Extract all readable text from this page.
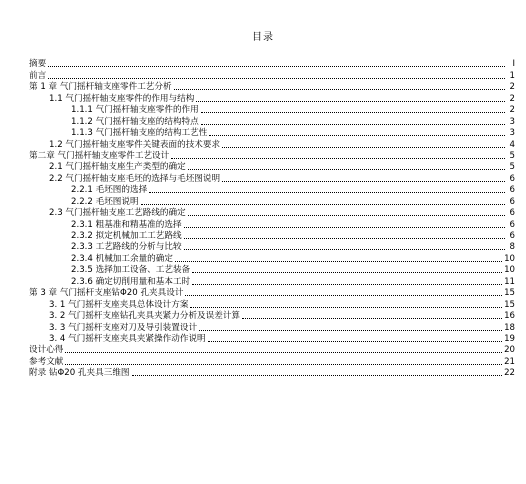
目录
摘要	I
前言	1
第 1 章 气门摇杆轴支座零件工艺分析	2
1.1 气门摇杆轴支座零件的作用与结构	2
1.1.1 气门摇杆轴支座零件的作用	2
1.1.2 气门摇杆轴支座的结构特点	3
1.1.3 气门摇杆轴支座的结构工艺性	3
1.2 气门摇杆轴支座零件关键表面的技术要求	4
第二章 气门摇杆轴支座零件工艺设计	5
2.1 气门摇杆轴支座生产类型的确定	5
2.2 气门摇杆轴支座毛坯的选择与毛坯图说明	6
2.2.1 毛坯图的选择	6
2.2.2 毛坯图说明	6
2.3 气门摇杆轴支座工艺路线的确定	6
2.3.1 粗基准和精基准的选择	6
2.3.2 拟定机械加工工艺路线	6
2.3.3 工艺路线的分析与比较	8
2.3.4 机械加工余量的确定	10
2.3.5 选择加工设备、工艺装备	10
2.3.6 确定切削用量和基本工时	11
第 3 章 气门摇杆支座钻Φ20 孔夹具设计	15
3. 1 气门摇杆支座夹具总体设计方案	15
3. 2 气门摇杆支座钻孔夹具夹紧力分析及误差计算	16
3. 3 气门摇杆支座对刀及导引装置设计	18
3. 4 气门摇杆支座夹具夹紧操作动作说明	19
设计心得	20
参考文献	21
附录 钻Φ20 孔夹具三维图	22
